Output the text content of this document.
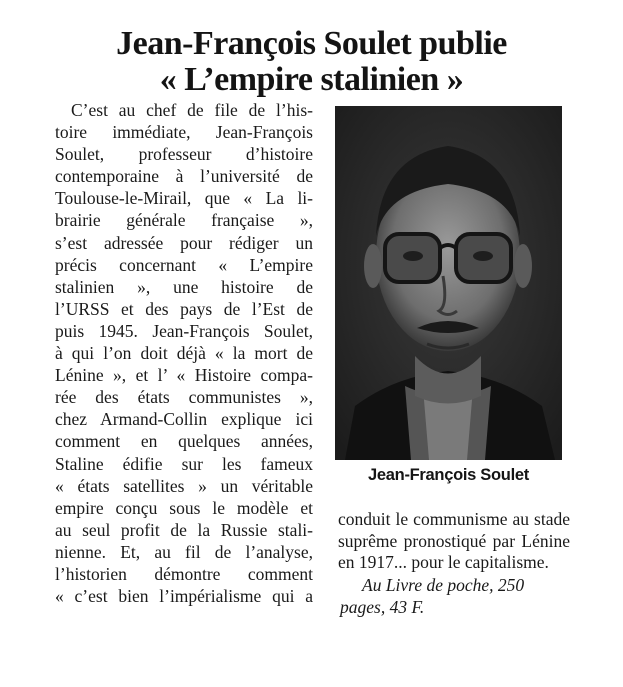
Jean-François Soulet publie
« L’empire stalinien »
C’est au chef de file de l’his-
toire immédiate, Jean-François
Soulet, professeur d’histoire
contemporaine à l’université de
Toulouse-le-Mirail, que « La li-
brairie générale française »,
s’est adressée pour rédiger un
précis concernant « L’empire
stalinien », une histoire de
l’URSS et des pays de l’Est de
puis 1945. Jean-François Soulet,
à qui l’on doit déjà « la mort de
Lénine », et l’ « Histoire compa-
rée des états communistes »,
chez Armand-Collin explique ici
comment en quelques années,
Staline édifie sur les fameux
« états satellites » un véritable
empire conçu sous le modèle et
au seul profit de la Russie stali-
nienne. Et, au fil de l’analyse,
l’historien démontre comment
« c’est bien l’impérialisme qui a
Jean-François Soulet
conduit le communisme au stade
suprême pronostiqué par Lénine
en 1917... pour le capitalisme.
Au Livre de poche, 250 pages, 43 F.
